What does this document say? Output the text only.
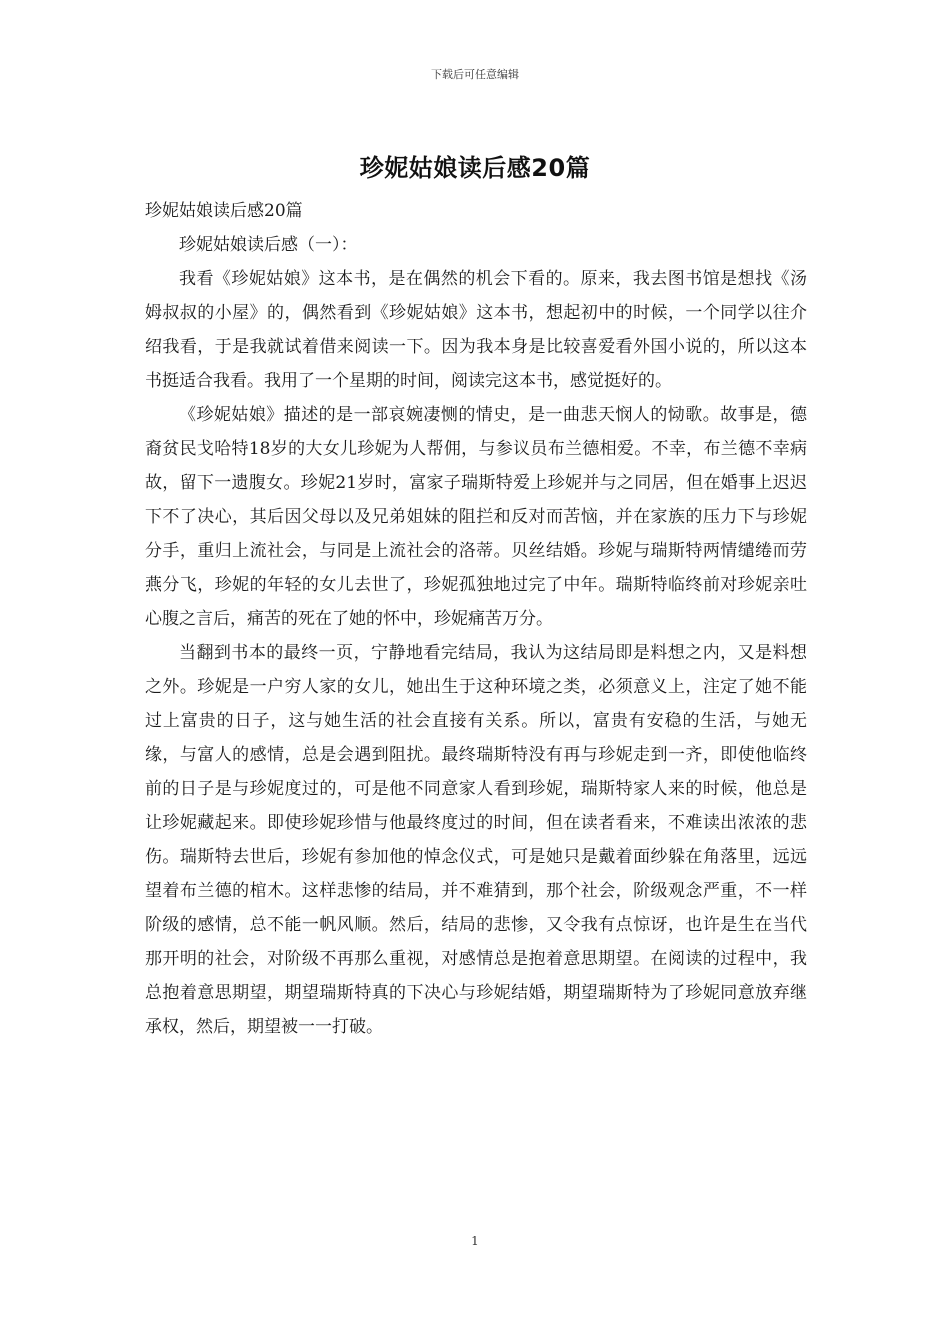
下载后可任意编辑
珍妮姑娘读后感20篇

珍妮姑娘读后感20篇

珍妮姑娘读后感（一）：

我看《珍妮姑娘》这本书，是在偶然的机会下看的。原来，我去图书馆是想找《汤姆叔叔的小屋》的，偶然看到《珍妮姑娘》这本书，想起初中的时候，一个同学以往介绍我看，于是我就试着借来阅读一下。因为我本身是比较喜爱看外国小说的，所以这本书挺适合我看。我用了一个星期的时间，阅读完这本书，感觉挺好的。

《珍妮姑娘》描述的是一部哀婉凄恻的情史，是一曲悲天悯人的恸歌。故事是，德裔贫民戈哈特18岁的大女儿珍妮为人帮佣，与参议员布兰德相爱。不幸，布兰德不幸病故，留下一遗腹女。珍妮21岁时，富家子瑞斯特爱上珍妮并与之同居，但在婚事上迟迟下不了决心，其后因父母以及兄弟姐妹的阻拦和反对而苦恼，并在家族的压力下与珍妮分手，重归上流社会，与同是上流社会的洛蒂。贝丝结婚。珍妮与瑞斯特两情缱绻而劳燕分飞，珍妮的年轻的女儿去世了，珍妮孤独地过完了中年。瑞斯特临终前对珍妮亲吐心腹之言后，痛苦的死在了她的怀中，珍妮痛苦万分。

当翻到书本的最终一页，宁静地看完结局，我认为这结局即是料想之内，又是料想之外。珍妮是一户穷人家的女儿，她出生于这种环境之类，必须意义上，注定了她不能过上富贵的日子，这与她生活的社会直接有关系。所以，富贵有安稳的生活，与她无缘，与富人的感情，总是会遇到阻扰。最终瑞斯特没有再与珍妮走到一齐，即使他临终前的日子是与珍妮度过的，可是他不同意家人看到珍妮，瑞斯特家人来的时候，他总是让珍妮藏起来。即使珍妮珍惜与他最终度过的时间，但在读者看来，不难读出浓浓的悲伤。瑞斯特去世后，珍妮有参加他的悼念仪式，可是她只是戴着面纱躲在角落里，远远望着布兰德的棺木。这样悲惨的结局，并不难猜到，那个社会，阶级观念严重，不一样阶级的感情，总不能一帆风顺。然后，结局的悲惨，又令我有点惊讶，也许是生在当代那开明的社会，对阶级不再那么重视，对感情总是抱着意思期望。在阅读的过程中，我总抱着意思期望，期望瑞斯特真的下决心与珍妮结婚，期望瑞斯特为了珍妮同意放弃继承权，然后，期望被一一打破。

1
